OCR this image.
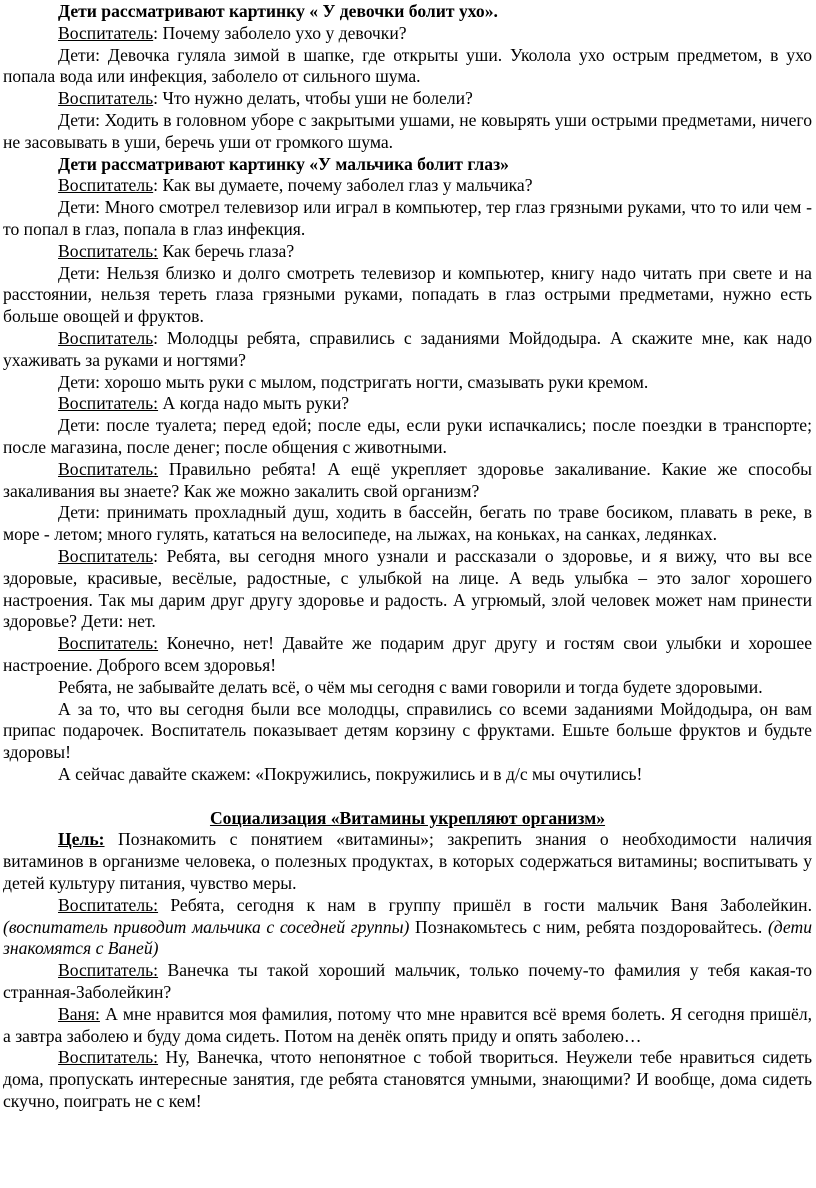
Дети рассматривают картинку « У девочки болит ухо».

Воспитатель: Почему заболело ухо у девочки?

Дети: Девочка гуляла зимой в шапке, где открыты уши. Уколола ухо острым предметом, в ухо попала вода или инфекция, заболело от сильного шума.

Воспитатель: Что нужно делать, чтобы уши не болели?

Дети: Ходить в головном уборе с закрытыми ушами, не ковырять уши острыми предметами, ничего не засовывать в уши, беречь уши от громкого шума.

Дети рассматривают картинку «У мальчика болит глаз»

Воспитатель: Как вы думаете, почему заболел глаз у мальчика?

Дети: Много смотрел телевизор или играл в компьютер, тер глаз грязными руками, что то или чем - то попал в глаз, попала в глаз инфекция.

Воспитатель: Как беречь глаза?

Дети: Нельзя близко и долго смотреть телевизор и компьютер, книгу надо читать при свете и на расстоянии, нельзя тереть глаза грязными руками, попадать в глаз острыми предметами, нужно есть больше овощей и фруктов.

Воспитатель: Молодцы ребята, справились с заданиями Мойдодыра. А скажите мне, как надо ухаживать за руками и ногтями?

Дети: хорошо мыть руки с мылом, подстригать ногти, смазывать руки кремом.

Воспитатель: А когда надо мыть руки?

Дети: после туалета; перед едой; после еды, если руки испачкались; после поездки в транспорте; после магазина, после денег; после общения с животными.

Воспитатель: Правильно ребята! А ещё укрепляет здоровье закаливание. Какие же способы закаливания вы знаете? Как же можно закалить свой организм?

Дети: принимать прохладный душ, ходить в бассейн, бегать по траве босиком, плавать в реке, в море - летом; много гулять, кататься на велосипеде, на лыжах, на коньках, на санках, ледянках.

Воспитатель: Ребята, вы сегодня много узнали и рассказали о здоровье, и я вижу, что вы все здоровые, красивые, весёлые, радостные, с улыбкой на лице. А ведь улыбка – это залог хорошего настроения. Так мы дарим друг другу здоровье и радость. А угрюмый, злой человек может нам принести здоровье? Дети: нет.

Воспитатель: Конечно, нет! Давайте же подарим друг другу и гостям свои улыбки и хорошее настроение. Доброго всем здоровья!

Ребята, не забывайте делать всё, о чём мы сегодня с вами говорили и тогда будете здоровыми.

А за то, что вы сегодня были все молодцы, справились со всеми заданиями Мойдодыра, он вам припас подарочек. Воспитатель показывает детям корзину с фруктами. Ешьте больше фруктов и будьте здоровы!

А сейчас давайте скажем: «Покружились, покружились и в д/с мы очутились!

Социализация «Витамины укрепляют организм»

Цель: Познакомить с понятием «витамины»; закрепить знания о необходимости наличия витаминов в организме человека, о полезных продуктах, в которых содержаться витамины; воспитывать у детей культуру питания, чувство меры.

Воспитатель: Ребята, сегодня к нам в группу пришёл в гости мальчик Ваня Заболейкин. (воспитатель приводит мальчика с соседней группы) Познакомьтесь с ним, ребята поздоровайтесь. (дети знакомятся с Ваней)

Воспитатель: Ванечка ты такой хороший мальчик, только почему-то фамилия у тебя какая-то странная-Заболейкин?

Ваня: А мне нравится моя фамилия, потому что мне нравится всё время болеть. Я сегодня пришёл, а завтра заболею и буду дома сидеть. Потом на денёк опять приду и опять заболею…

Воспитатель: Ну, Ванечка, чтото непонятное с тобой твориться. Неужели тебе нравиться сидеть дома, пропускать интересные занятия, где ребята становятся умными, знающими? И вообще, дома сидеть скучно, поиграть не с кем!
